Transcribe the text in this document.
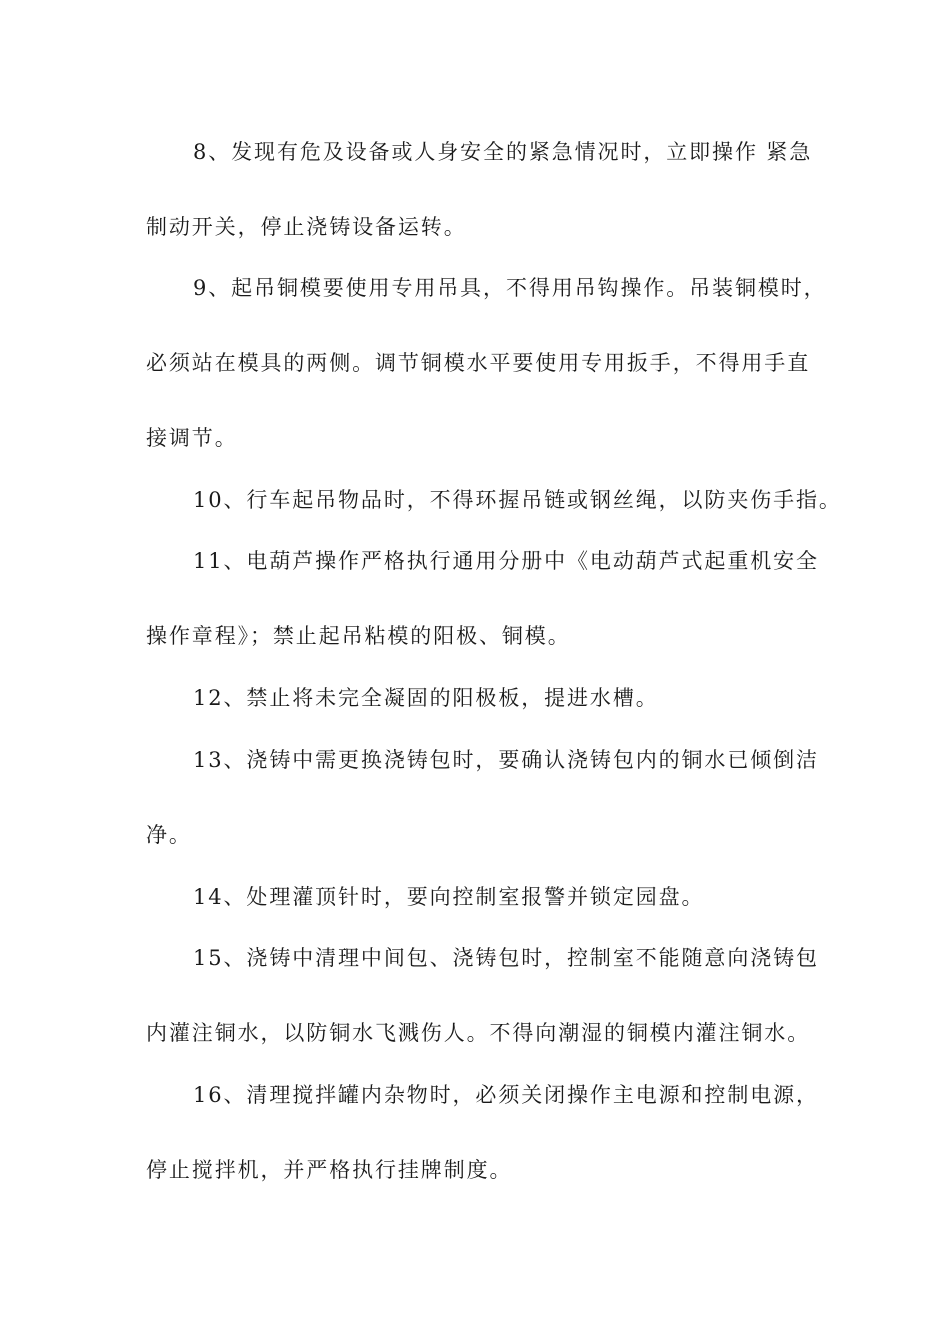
8、发现有危及设备或人身安全的紧急情况时，立即操作 紧急
制动开关，停止浇铸设备运转。
9、起吊铜模要使用专用吊具，不得用吊钩操作。吊装铜模时，
必须站在模具的两侧。调节铜模水平要使用专用扳手，不得用手直
接调节。
10、行车起吊物品时，不得环握吊链或钢丝绳，以防夹伤手指。
11、电葫芦操作严格执行通用分册中《电动葫芦式起重机安全
操作章程》；禁止起吊粘模的阳极、铜模。
12、禁止将未完全凝固的阳极板，提进水槽。
13、浇铸中需更换浇铸包时，要确认浇铸包内的铜水已倾倒洁
净。
14、处理灌顶针时，要向控制室报警并锁定园盘。
15、浇铸中清理中间包、浇铸包时，控制室不能随意向浇铸包
内灌注铜水，以防铜水飞溅伤人。不得向潮湿的铜模内灌注铜水。
16、清理搅拌罐内杂物时，必须关闭操作主电源和控制电源，
停止搅拌机，并严格执行挂牌制度。
